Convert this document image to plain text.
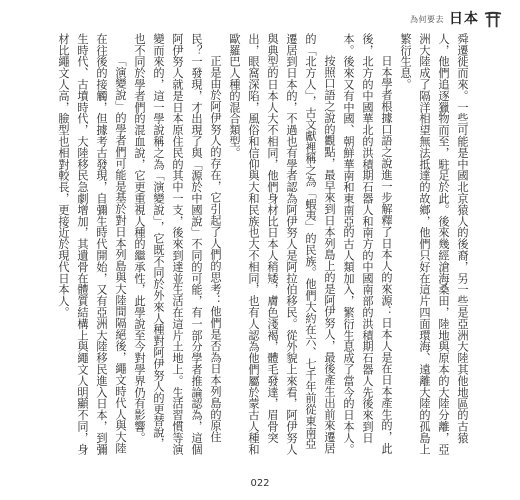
為何要去 日本

舜遷徙而來。一些可能是中國北京猿人的後裔，另一些是亞洲大陸其他地區的古猿人，他們追逐獵物而至，駐足於此。後來幾經滄海桑田，陸地與原本的大陸分離，亞洲大陸成了隔洋相望無法抵達的故鄉，他們只好在這片四面環海、遠離大陸的孤島上繁衍生息。

日本學者根據口語之說進一步解釋了日本人的來源：日本人是在日本產生的，此後，北方的中國華北的洪積期石器人和南方的中國南部的洪積期石器人先後來到日本。後來又有中國、朝鮮華南和東南亞的古人類加入，繁衍生息成了當今的日本人。

按照口語之說的觀點，最早來到日本列島上的是阿伊努人，最後產生出前來遷居的「北方人」，古文獻裡稱之為「蝦夷」的民族。他們大約在六、七千年前從東南亞遷居到日本的，不過也有學者認為阿伊努人是阿拉伯移民。從外貌上來看，阿伊努人與典型的日本人大不相同，他們身材比日本人稍矮，膚色淺褐，體毛發達，眉骨突出，眼窩深陷，風俗和信仰與大和民族也大不相同，也有人認為他們屬於蒙古人種和歐羅巴人種的混合類型。

正是由於阿伊努人的存在，它引起了人們的思考：他們是否為日本列島的原住民？一發現，才出現了與「源於中國說」不同的可能，有一部分學者推論認為，這個阿伊努人就是日本原住民的其中一支，後來到達並生活在這片土地上。生活習慣等演變而來的，這一學說稱之為「演變說」，它既不同於外來人種對阿伊努人的更替說，也不同於學者們的混血說，它更重視人種的繼承性，此學說至今對學界仍有影響。

「演變說」的學者們可能是基於對日本列島與大陸間隔絕後，繩文時代人與大陸在往後的接觸，但據考古發現，自彌生時代開始，又有亞洲大陸移民進入日本，到彌生時代、古墳時代，大陸移民急劇增加，其遺骨在體質結構上與繩文人明顯不同，身材比繩文人高，臉型也相對較長，更接近於現代日本人。

022
